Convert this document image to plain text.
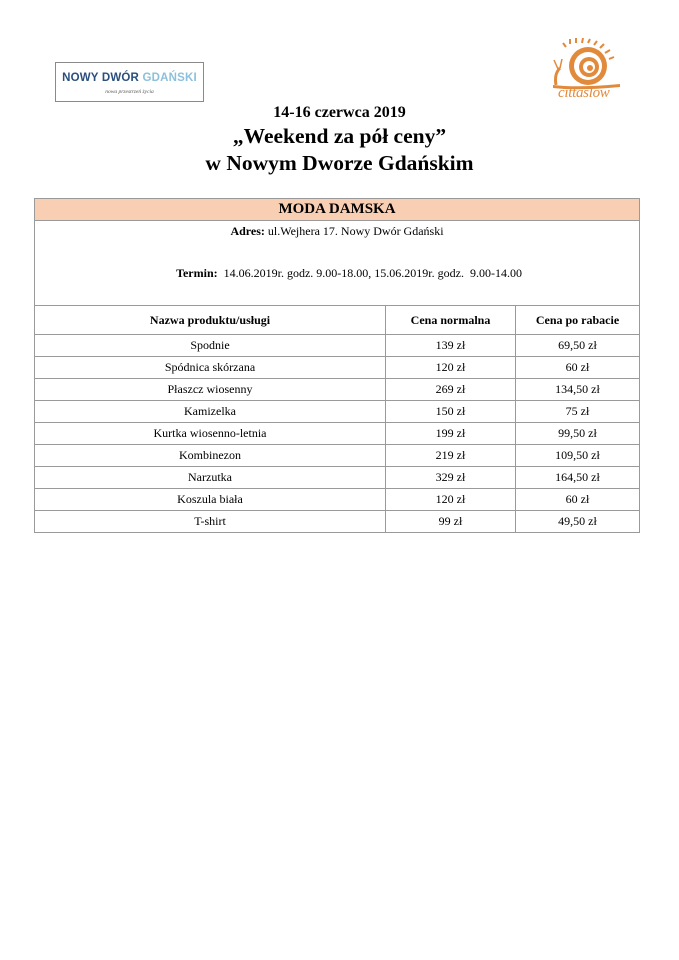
NOWY DWÓR GDAŃSKI
nowa przestrzeń życia	cittaslow
14-16 czerwca 2019
„Weekend za pół ceny”
w Nowym Dworze Gdańskim
MODA DAMSKA		

Adres: ul.Wejhera 17. Nowy Dwór Gdański

Termin:  14.06.2019r. godz. 9.00-18.00, 15.06.2019r. godz.  9.00-14.00		

Nazwa produktu/usługi	Cena normalna	Cena po rabacie
Spodnie	139 zł	69,50 zł
Spódnica skórzana	120 zł	60 zł
Płaszcz wiosenny	269 zł	134,50 zł
Kamizelka	150 zł	75 zł
Kurtka wiosenno-letnia	199 zł	99,50 zł
Kombinezon	219 zł	109,50 zł
Narzutka	329 zł	164,50 zł
Koszula biała	120 zł	60 zł
T-shirt	99 zł	49,50 zł
